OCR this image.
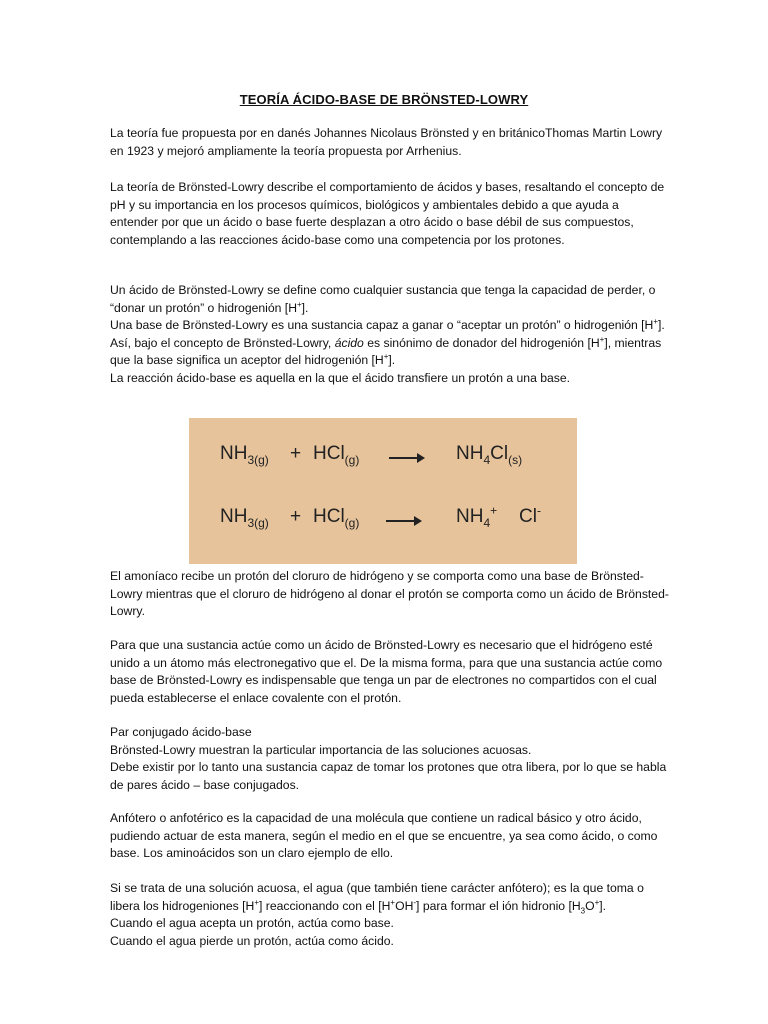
TEORÍA ÁCIDO-BASE DE BRÖNSTED-LOWRY

La teoría fue propuesta por en danés Johannes Nicolaus Brönsted y en británicoThomas Martin Lowry en 1923 y mejoró ampliamente la teoría propuesta por Arrhenius.

La teoría de Brönsted-Lowry describe el comportamiento de ácidos y bases, resaltando el concepto de pH y su importancia en los procesos químicos, biológicos y ambientales debido a que ayuda a entender por que un ácido o base fuerte desplazan a otro ácido o base débil de sus compuestos, contemplando a las reacciones ácido-base como una competencia por los protones.

Un ácido de Brönsted-Lowry se define como cualquier sustancia que tenga la capacidad de perder, o “donar un protón” o hidrogenión [H+].

Una base de Brönsted-Lowry es una sustancia capaz a ganar o “aceptar un protón” o hidrogenión [H+].

Así, bajo el concepto de Brönsted-Lowry, ácido es sinónimo de donador del hidrogenión [H+], mientras que la base significa un aceptor del hidrogenión [H+].

La reacción ácido-base es aquella en la que el ácido transfiere un protón a una base.

$NH_{3(g)} + HCl_{(g)}$	$NH_4Cl_{(s)}$
$NH_{3(g)} + HCl_{(g)}$	$NH_4^+$ Cl-

El amoníaco recibe un protón del cloruro de hidrógeno y se comporta como una base de Brönsted-Lowry mientras que el cloruro de hidrógeno al donar el protón se comporta como un ácido de Brönsted-Lowry.

Para que una sustancia actúe como un ácido de Brönsted-Lowry es necesario que el hidrógeno esté unido a un átomo más electronegativo que el. De la misma forma, para que una sustancia actúe como base de Brönsted-Lowry es indispensable que tenga un par de electrones no compartidos con el cual pueda establecerse el enlace covalente con el protón.

Par conjugado ácido-base

Brönsted-Lowry muestran la particular importancia de las soluciones acuosas.

Debe existir por lo tanto una sustancia capaz de tomar los protones que otra libera, por lo que se habla de pares ácido – base conjugados.

Anfótero o anfotérico es la capacidad de una molécula que contiene un radical básico y otro ácido, pudiendo actuar de esta manera, según el medio en el que se encuentre, ya sea como ácido, o como base. Los aminoácidos son un claro ejemplo de ello.

Si se trata de una solución acuosa, el agua (que también tiene carácter anfótero); es la que toma o libera los hidrogeniones [H+] reaccionando con el [H+OH-] para formar el ión hidronio $[H_3O^+]$.

Cuando el agua acepta un protón, actúa como base.

Cuando el agua pierde un protón, actúa como ácido.
